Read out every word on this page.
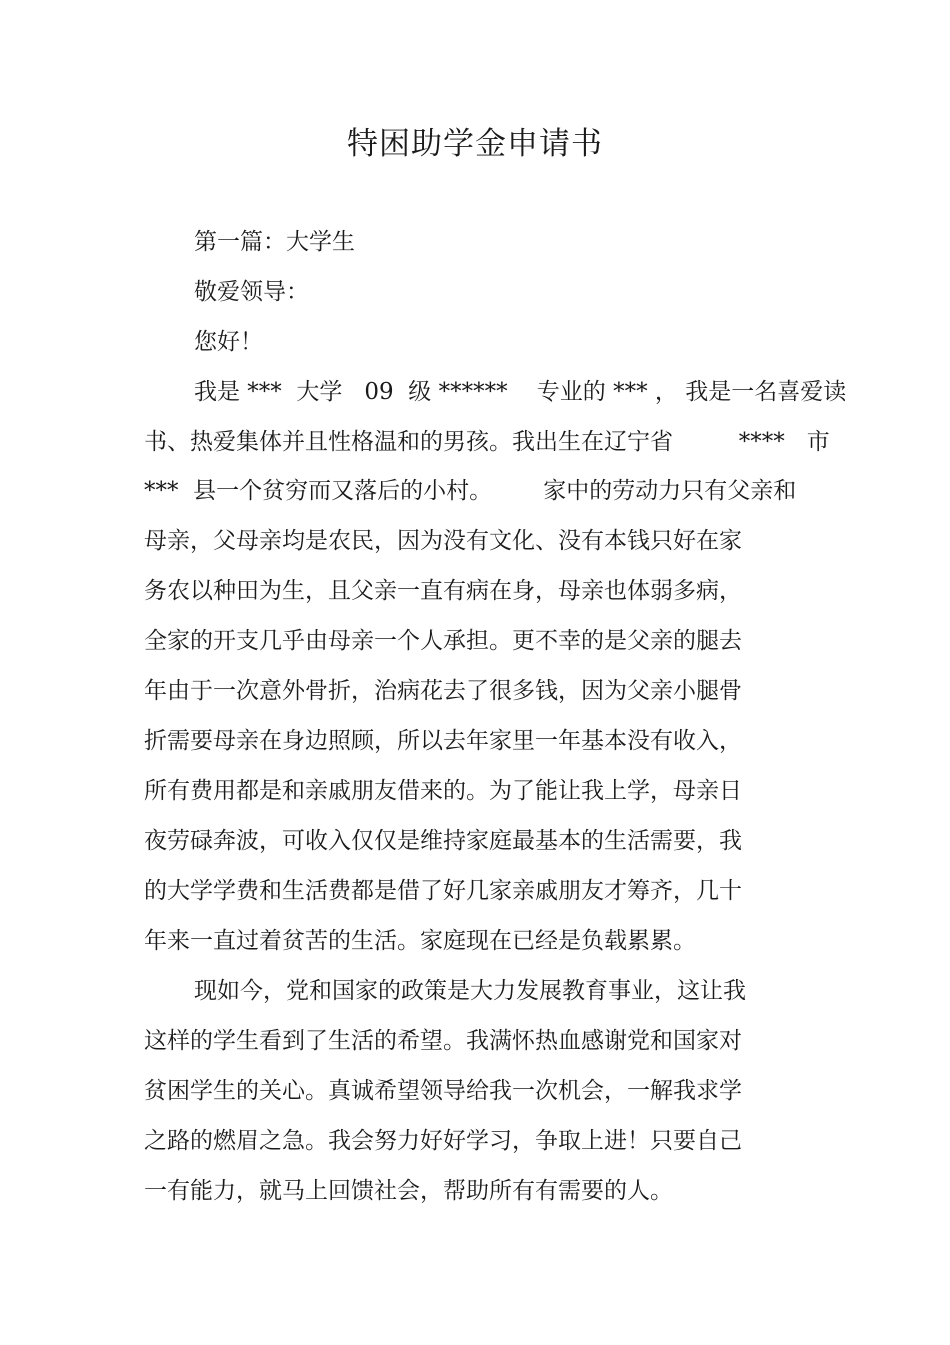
特困助学金申请书
第一篇：大学生
敬爱领导：
您好！
我是 ***  大学   09  级 ******    专业的 *** ， 我是一名喜爱读
书、热爱集体并且性格温和的男孩。我出生在辽宁省         ****   市
***  县一个贫穷而又落后的小村。       家中的劳动力只有父亲和
母亲，父母亲均是农民，因为没有文化、没有本钱只好在家
务农以种田为生，且父亲一直有病在身，母亲也体弱多病，
全家的开支几乎由母亲一个人承担。更不幸的是父亲的腿去
年由于一次意外骨折，治病花去了很多钱，因为父亲小腿骨
折需要母亲在身边照顾，所以去年家里一年基本没有收入，
所有费用都是和亲戚朋友借来的。为了能让我上学，母亲日
夜劳碌奔波，可收入仅仅是维持家庭最基本的生活需要，我
的大学学费和生活费都是借了好几家亲戚朋友才筹齐，几十
年来一直过着贫苦的生活。家庭现在已经是负载累累。
现如今，党和国家的政策是大力发展教育事业，这让我
这样的学生看到了生活的希望。我满怀热血感谢党和国家对
贫困学生的关心。真诚希望领导给我一次机会，一解我求学
之路的燃眉之急。我会努力好好学习，争取上进！只要自己
一有能力，就马上回馈社会，帮助所有有需要的人。
